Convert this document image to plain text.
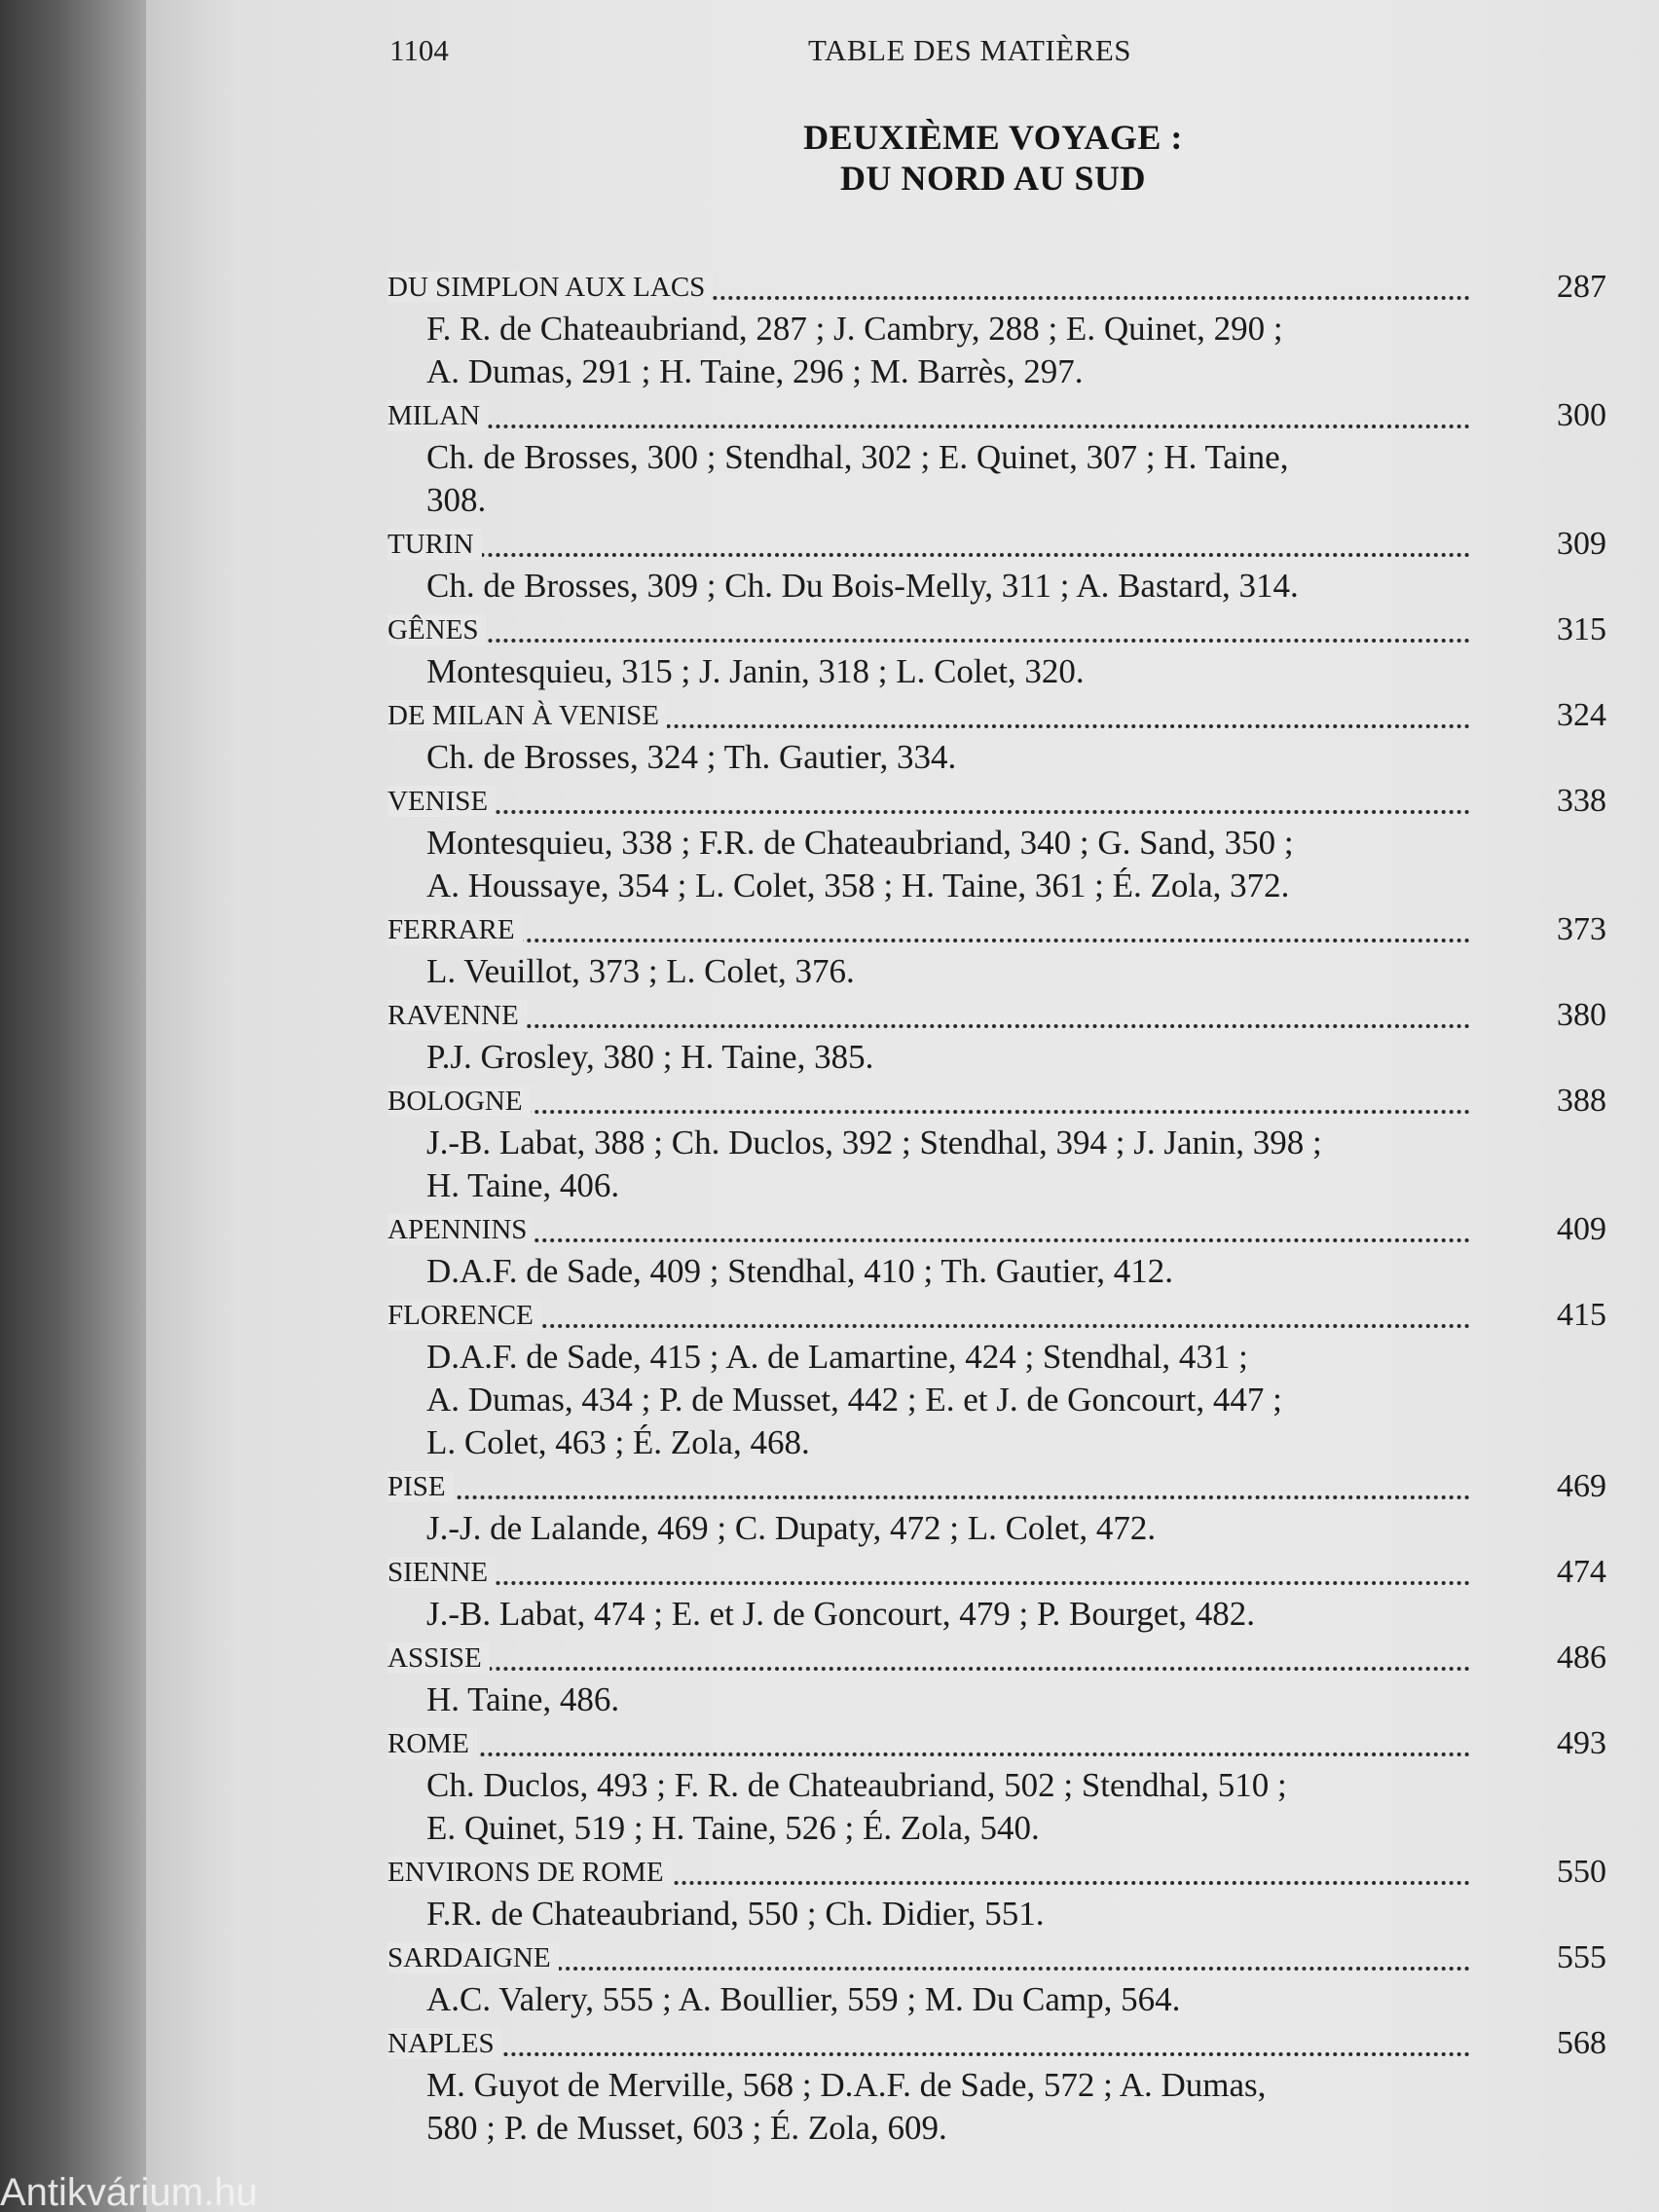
1104	TABLE DES MATIÈRES
DEUXIÈME VOYAGE :
DU NORD AU SUD
DU SIMPLON AUX LACS	287
F. R. de Chateaubriand, 287 ; J. Cambry, 288 ; E. Quinet, 290 ;
A. Dumas, 291 ; H. Taine, 296 ; M. Barrès, 297.
MILAN	300
Ch. de Brosses, 300 ; Stendhal, 302 ; E. Quinet, 307 ; H. Taine,
308.
TURIN	309
Ch. de Brosses, 309 ; Ch. Du Bois-Melly, 311 ; A. Bastard, 314.
GÊNES	315
Montesquieu, 315 ; J. Janin, 318 ; L. Colet, 320.
DE MILAN À VENISE	324
Ch. de Brosses, 324 ; Th. Gautier, 334.
VENISE	338
Montesquieu, 338 ; F.R. de Chateaubriand, 340 ; G. Sand, 350 ;
A. Houssaye, 354 ; L. Colet, 358 ; H. Taine, 361 ; É. Zola, 372.
FERRARE	373
L. Veuillot, 373 ; L. Colet, 376.
RAVENNE	380
P.J. Grosley, 380 ; H. Taine, 385.
BOLOGNE	388
J.-B. Labat, 388 ; Ch. Duclos, 392 ; Stendhal, 394 ; J. Janin, 398 ;
H. Taine, 406.
APENNINS	409
D.A.F. de Sade, 409 ; Stendhal, 410 ; Th. Gautier, 412.
FLORENCE	415
D.A.F. de Sade, 415 ; A. de Lamartine, 424 ; Stendhal, 431 ;
A. Dumas, 434 ; P. de Musset, 442 ; E. et J. de Goncourt, 447 ;
L. Colet, 463 ; É. Zola, 468.
PISE	469
J.-J. de Lalande, 469 ; C. Dupaty, 472 ; L. Colet, 472.
SIENNE	474
J.-B. Labat, 474 ; E. et J. de Goncourt, 479 ; P. Bourget, 482.
ASSISE	486
H. Taine, 486.
ROME	493
Ch. Duclos, 493 ; F. R. de Chateaubriand, 502 ; Stendhal, 510 ;
E. Quinet, 519 ; H. Taine, 526 ; É. Zola, 540.
ENVIRONS DE ROME	550
F.R. de Chateaubriand, 550 ; Ch. Didier, 551.
SARDAIGNE	555
A.C. Valery, 555 ; A. Boullier, 559 ; M. Du Camp, 564.
NAPLES	568
M. Guyot de Merville, 568 ; D.A.F. de Sade, 572 ; A. Dumas,
580 ; P. de Musset, 603 ; É. Zola, 609.
Antikvárium.hu
